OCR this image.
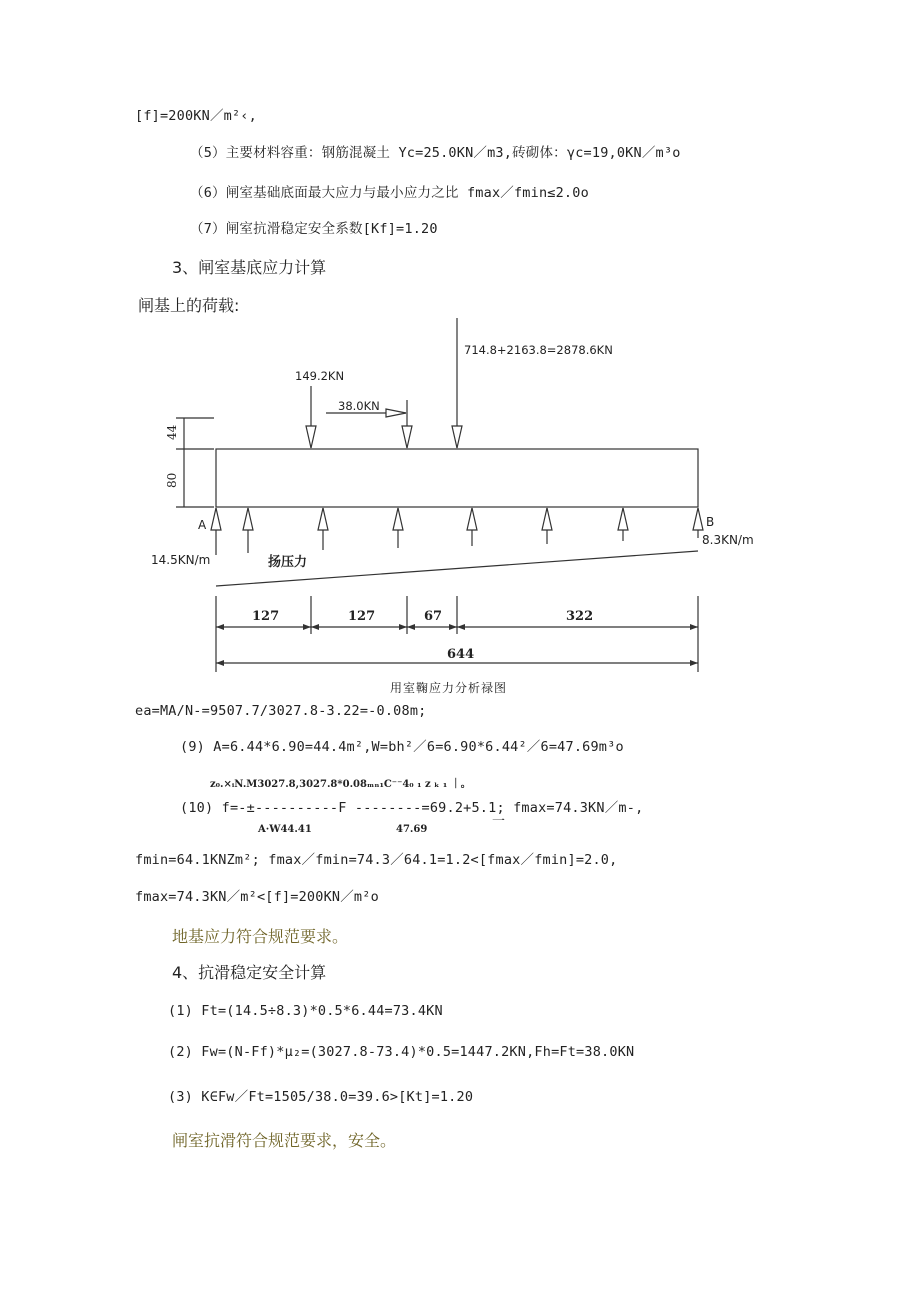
[f]=200KN／m²‹,
（5）主要材料容重：钢筋混凝土 Yc=25.0KN／m3,砖砌体：γc=19,0KN／m³o
（6）闸室基础底面最大应力与最小应力之比 fmax／fmin≤2.0o
（7）闸室抗滑稳定安全系数[Kf]=1.20
3、闸室基底应力计算
闸基上的荷载:
714.8+2163.8=2878.6KN
149.2KN
38.0KN
44
80
A	B
14.5KN/m
8.3KN/m
扬压力
127	127	67	322
644
用室鞠应力分析禄图
ea=MA/N-=9507.7/3027.8-3.22=-0.08m;
(9) A=6.44*6.90=44.4m²,W=bh²／6=6.90*6.44²／6=47.69m³o
z₀.×ᵢN.M3027.8,3027.8*0.08ₘₙ₁C⁻⁻4₀ ₁ z ₖ ₁ ｜。
(10) f=-±----------F --------=69.2+5.1; fmax=74.3KN／m-,
A·W44.41	47.69
一
fmin=64.1KNZm²; fmax／fmin=74.3／64.1=1.2<[fmax／fmin]=2.0,
fmax=74.3KN／m²<[f]=200KN／m²o
地基应力符合规范要求。
4、抗滑稳定安全计算
(1) Ft=(14.5÷8.3)*0.5*6.44=73.4KN
(2) Fw=(N-Ff)*μ₂=(3027.8-73.4)*0.5=1447.2KN,Fh=Ft=38.0KN
(3) K∈Fw／Ft=1505/38.0=39.6>[Kt]=1.20
闸室抗滑符合规范要求，安全。
